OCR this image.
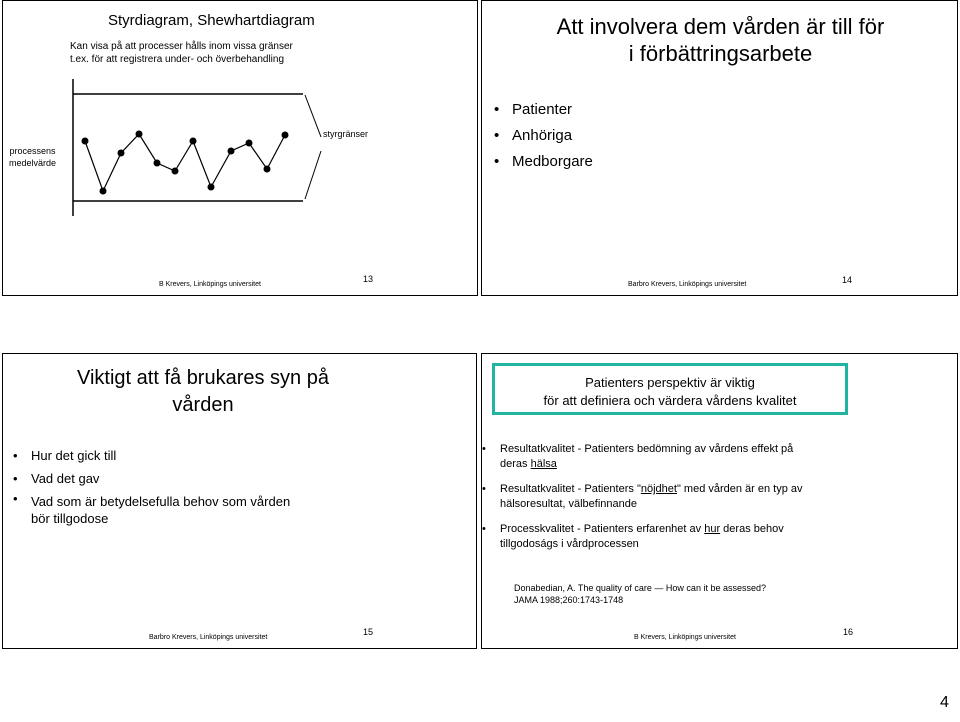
Styrdiagram, Shewhartdiagram
Kan visa på att processer hålls inom vissa gränser
t.ex. för att registrera under- och överbehandling
processens
medelvärde
styrgränser
B Krevers, Linköpings universitet
13
Att involvera dem vården är till för
i förbättringsarbete
• Patienter
• Anhöriga
• Medborgare
Barbro Krevers, Linköpings universitet	14
Viktigt att få brukares syn på
vården
• Hur det gick till
• Vad det gav
• Vad som är betydelsefulla behov som vården
bör tillgodose
Barbro Krevers, Linköpings universitet
15
Patienters perspektiv är viktig
för att definiera och värdera vårdens kvalitet
• Resultatkvalitet - Patienters bedömning av vårdens effekt på
deras hälsa
• Resultatkvalitet - Patienters "nöjdhet" med vården är en typ av
hälsoresultat, välbefinnande
• Processkvalitet - Patienters erfarenhet av hur deras behov
tillgodoságs i vårdprocessen
Donabedian, A. The quality of care — How can it be assessed?
JAMA 1988;260:1743-1748
B Krevers, Linköpings universitet
16
4
